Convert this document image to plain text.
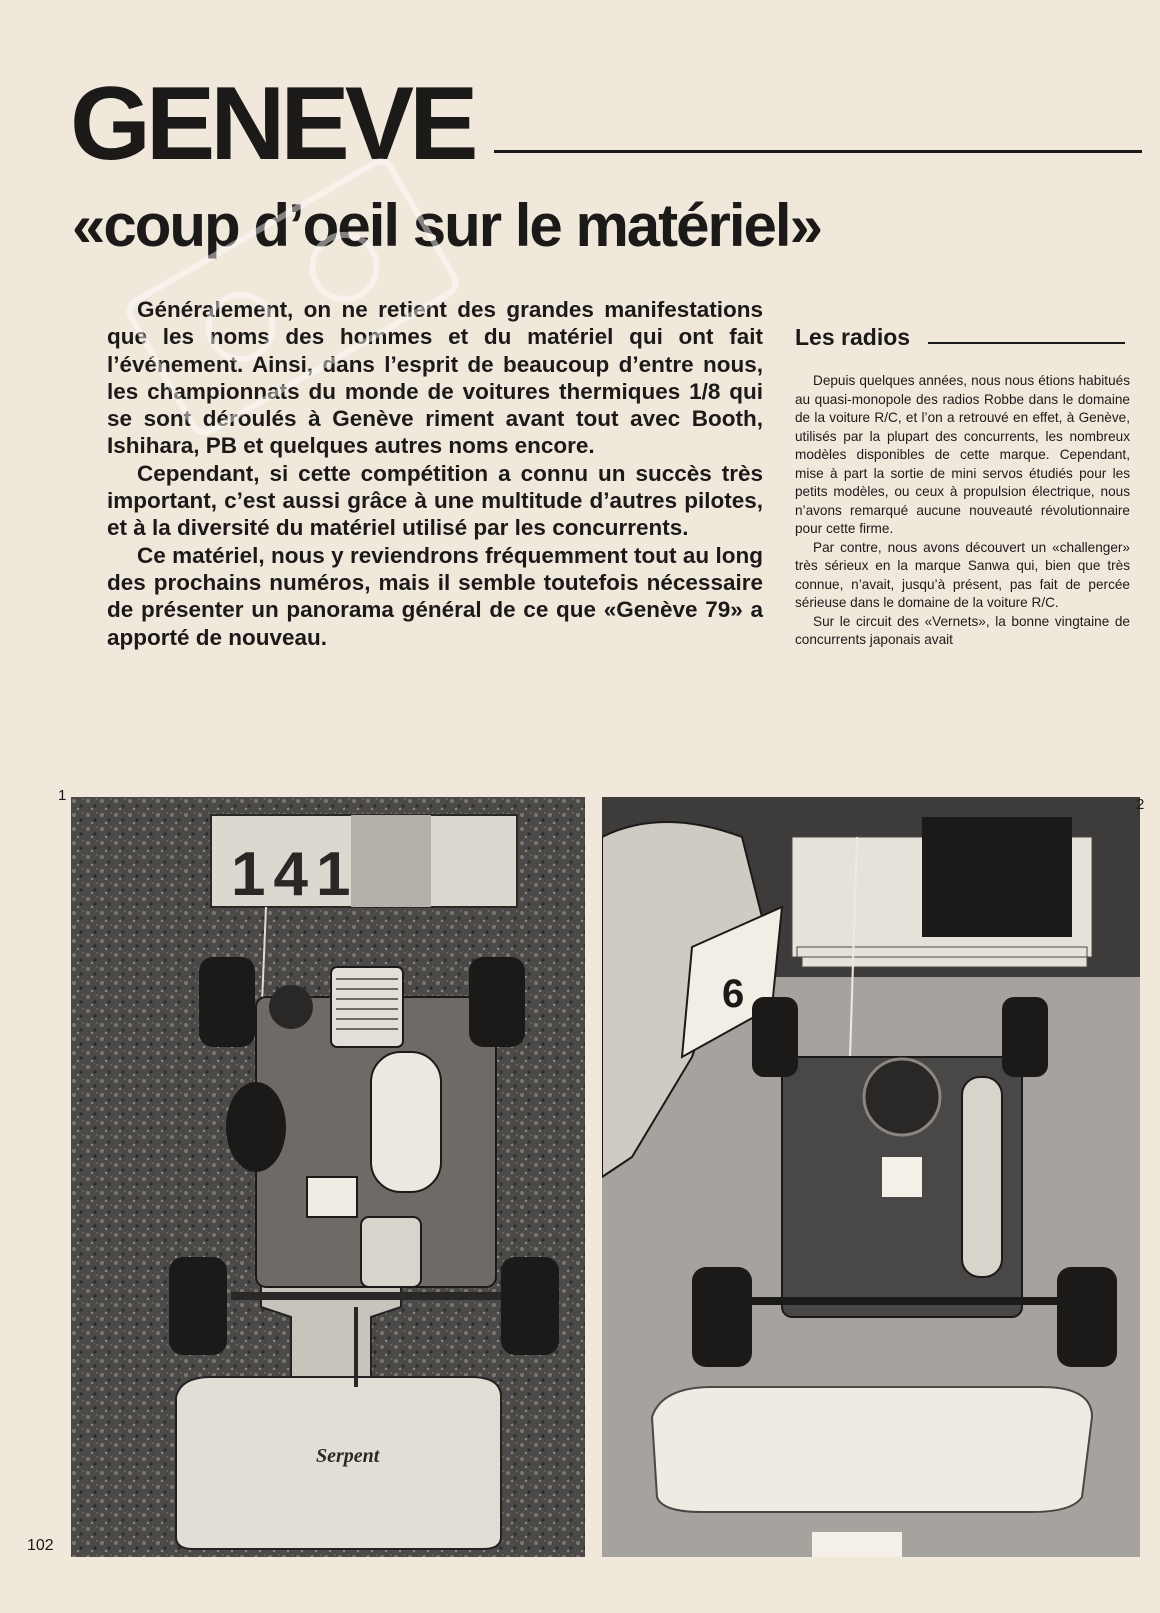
GENEVE
«coup d’oeil sur le matériel»

Généralement, on ne retient des grandes manifestations que les noms des hommes et du matériel qui ont fait l’événement. Ainsi, dans l’esprit de beaucoup d’entre nous, les championnats du monde de voitures thermiques 1/8 qui se sont déroulés à Genève riment avant tout avec Booth, Ishihara, PB et quelques autres noms encore.

Cependant, si cette compétition a connu un succès très important, c’est aussi grâce à une multitude d’autres pilotes, et à la diversité du matériel utilisé par les concurrents.

Ce matériel, nous y reviendrons fréquemment tout au long des prochains numéros, mais il semble toutefois nécessaire de présenter un panorama général de ce que «Genève 79» a apporté de nouveau.

Les radios

Depuis quelques années, nous nous étions habitués au quasi-monopole des radios Robbe dans le domaine de la voiture R/C, et l’on a retrouvé en effet, à Genève, utilisés par la plupart des concurrents, les nombreux modèles disponibles de cette marque. Cependant, mise à part la sortie de mini servos étudiés pour les petits modèles, ou ceux à propulsion électrique, nous n’avons remarqué aucune nouveauté révolutionnaire pour cette firme.

Par contre, nous avons découvert un «challenger» très sérieux en la marque Sanwa qui, bien que très connue, n’avait, jusqu’à présent, pas fait de percée sérieuse dans le domaine de la voiture R/C.

Sur le circuit des «Vernets», la bonne vingtaine de concurrents japonais avait

141
Serpent
6
1
2
102
